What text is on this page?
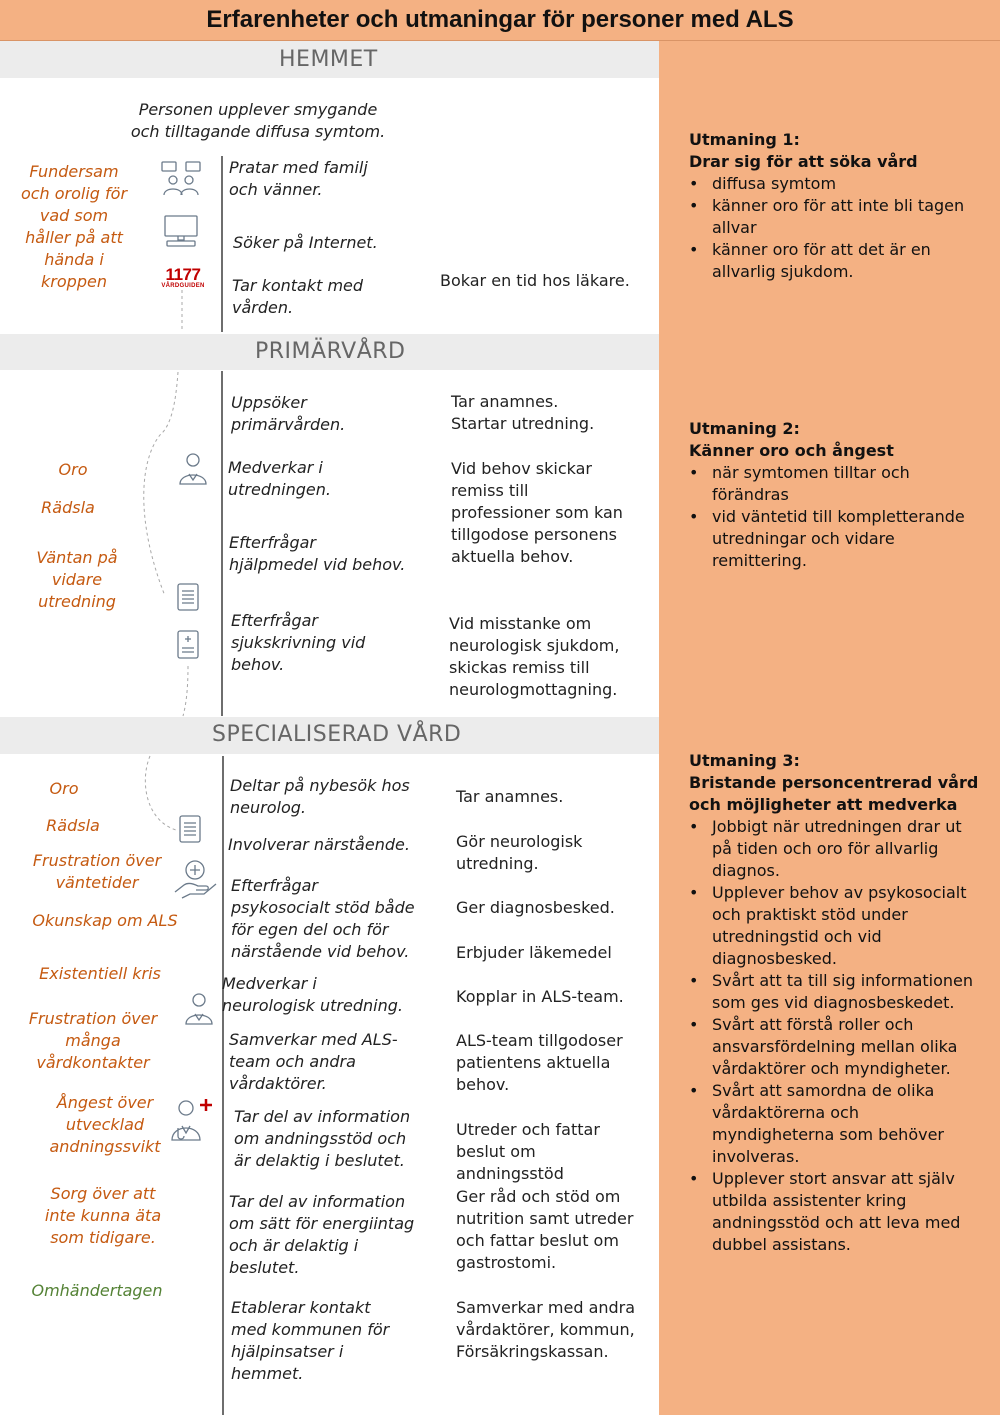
Erfarenheter och utmaningar för personer med ALS
HEMMET
PRIMÄRVÅRD
SPECIALISERAD VÅRD
Personen upplever smygande och tilltagande diffusa symtom.
Fundersam och orolig för vad som håller på att hända i kroppen	1177
VÅRDGUIDEN
Pratar med familj och vänner.
Söker på Internet.
Tar kontakt med vården.
Bokar en tid hos läkare.
Oro
Rädsla
Väntan på vidare utredning
Uppsöker primärvården.
Medverkar i utredningen.
Efterfrågar hjälpmedel vid behov.
Efterfrågar sjukskrivning vid behov.
Tar anamnes. Startar utredning.
Vid behov skickar remiss till professioner som kan tillgodose personens aktuella behov.
Vid misstanke om neurologisk sjukdom, skickas remiss till neurologmottagning.
Oro
Rädsla
Frustration över väntetider
Okunskap om ALS
Existentiell kris
Frustration över många vårdkontakter
Ångest över utvecklad andningssvikt
Sorg över att inte kunna äta som tidigare.
Omhändertagen
Deltar på nybesök hos neurolog.
Involverar närstående.
Efterfrågar psykosocialt stöd både för egen del och för närstående vid behov.
Medverkar i neurologisk utredning.
Samverkar med ALS-team och andra vårdaktörer.
Tar del av information om andningsstöd och är delaktig i beslutet.
Tar del av information om sätt för energiintag och är delaktig i beslutet.
Etablerar kontakt med kommunen för hjälpinsatser i hemmet.
Tar anamnes.
Gör neurologisk utredning.
Ger diagnosbesked.
Erbjuder läkemedel
Kopplar in ALS-team.
ALS-team tillgodoser patientens aktuella behov.
Utreder och fattar beslut om andningsstöd
Ger råd och stöd om nutrition samt utreder och fattar beslut om gastrostomi.
Samverkar med andra vårdaktörer, kommun, Försäkringskassan.
Utmaning 1:
Drar sig för att söka vård
• diffusa symtom
• känner oro för att inte bli tagen allvar
• känner oro för att det är en allvarlig sjukdom.
Utmaning 2:
Känner oro och ångest
• när symtomen tilltar och förändras
• vid väntetid till kompletterande utredningar och vidare remittering.
Utmaning 3:
Bristande personcentrerad vård och möjligheter att medverka
• Jobbigt när utredningen drar ut på tiden och oro för allvarlig diagnos.
• Upplever behov av psykosocialt och praktiskt stöd under utredningstid och vid diagnosbesked.
• Svårt att ta till sig informationen som ges vid diagnosbeskedet.
• Svårt att förstå roller och ansvarsfördelning mellan olika vårdaktörer och myndigheter.
• Svårt att samordna de olika vårdaktörerna och myndigheterna som behöver involveras.
• Upplever stort ansvar att själv utbilda assistenter kring andningsstöd och att leva med dubbel assistans.
